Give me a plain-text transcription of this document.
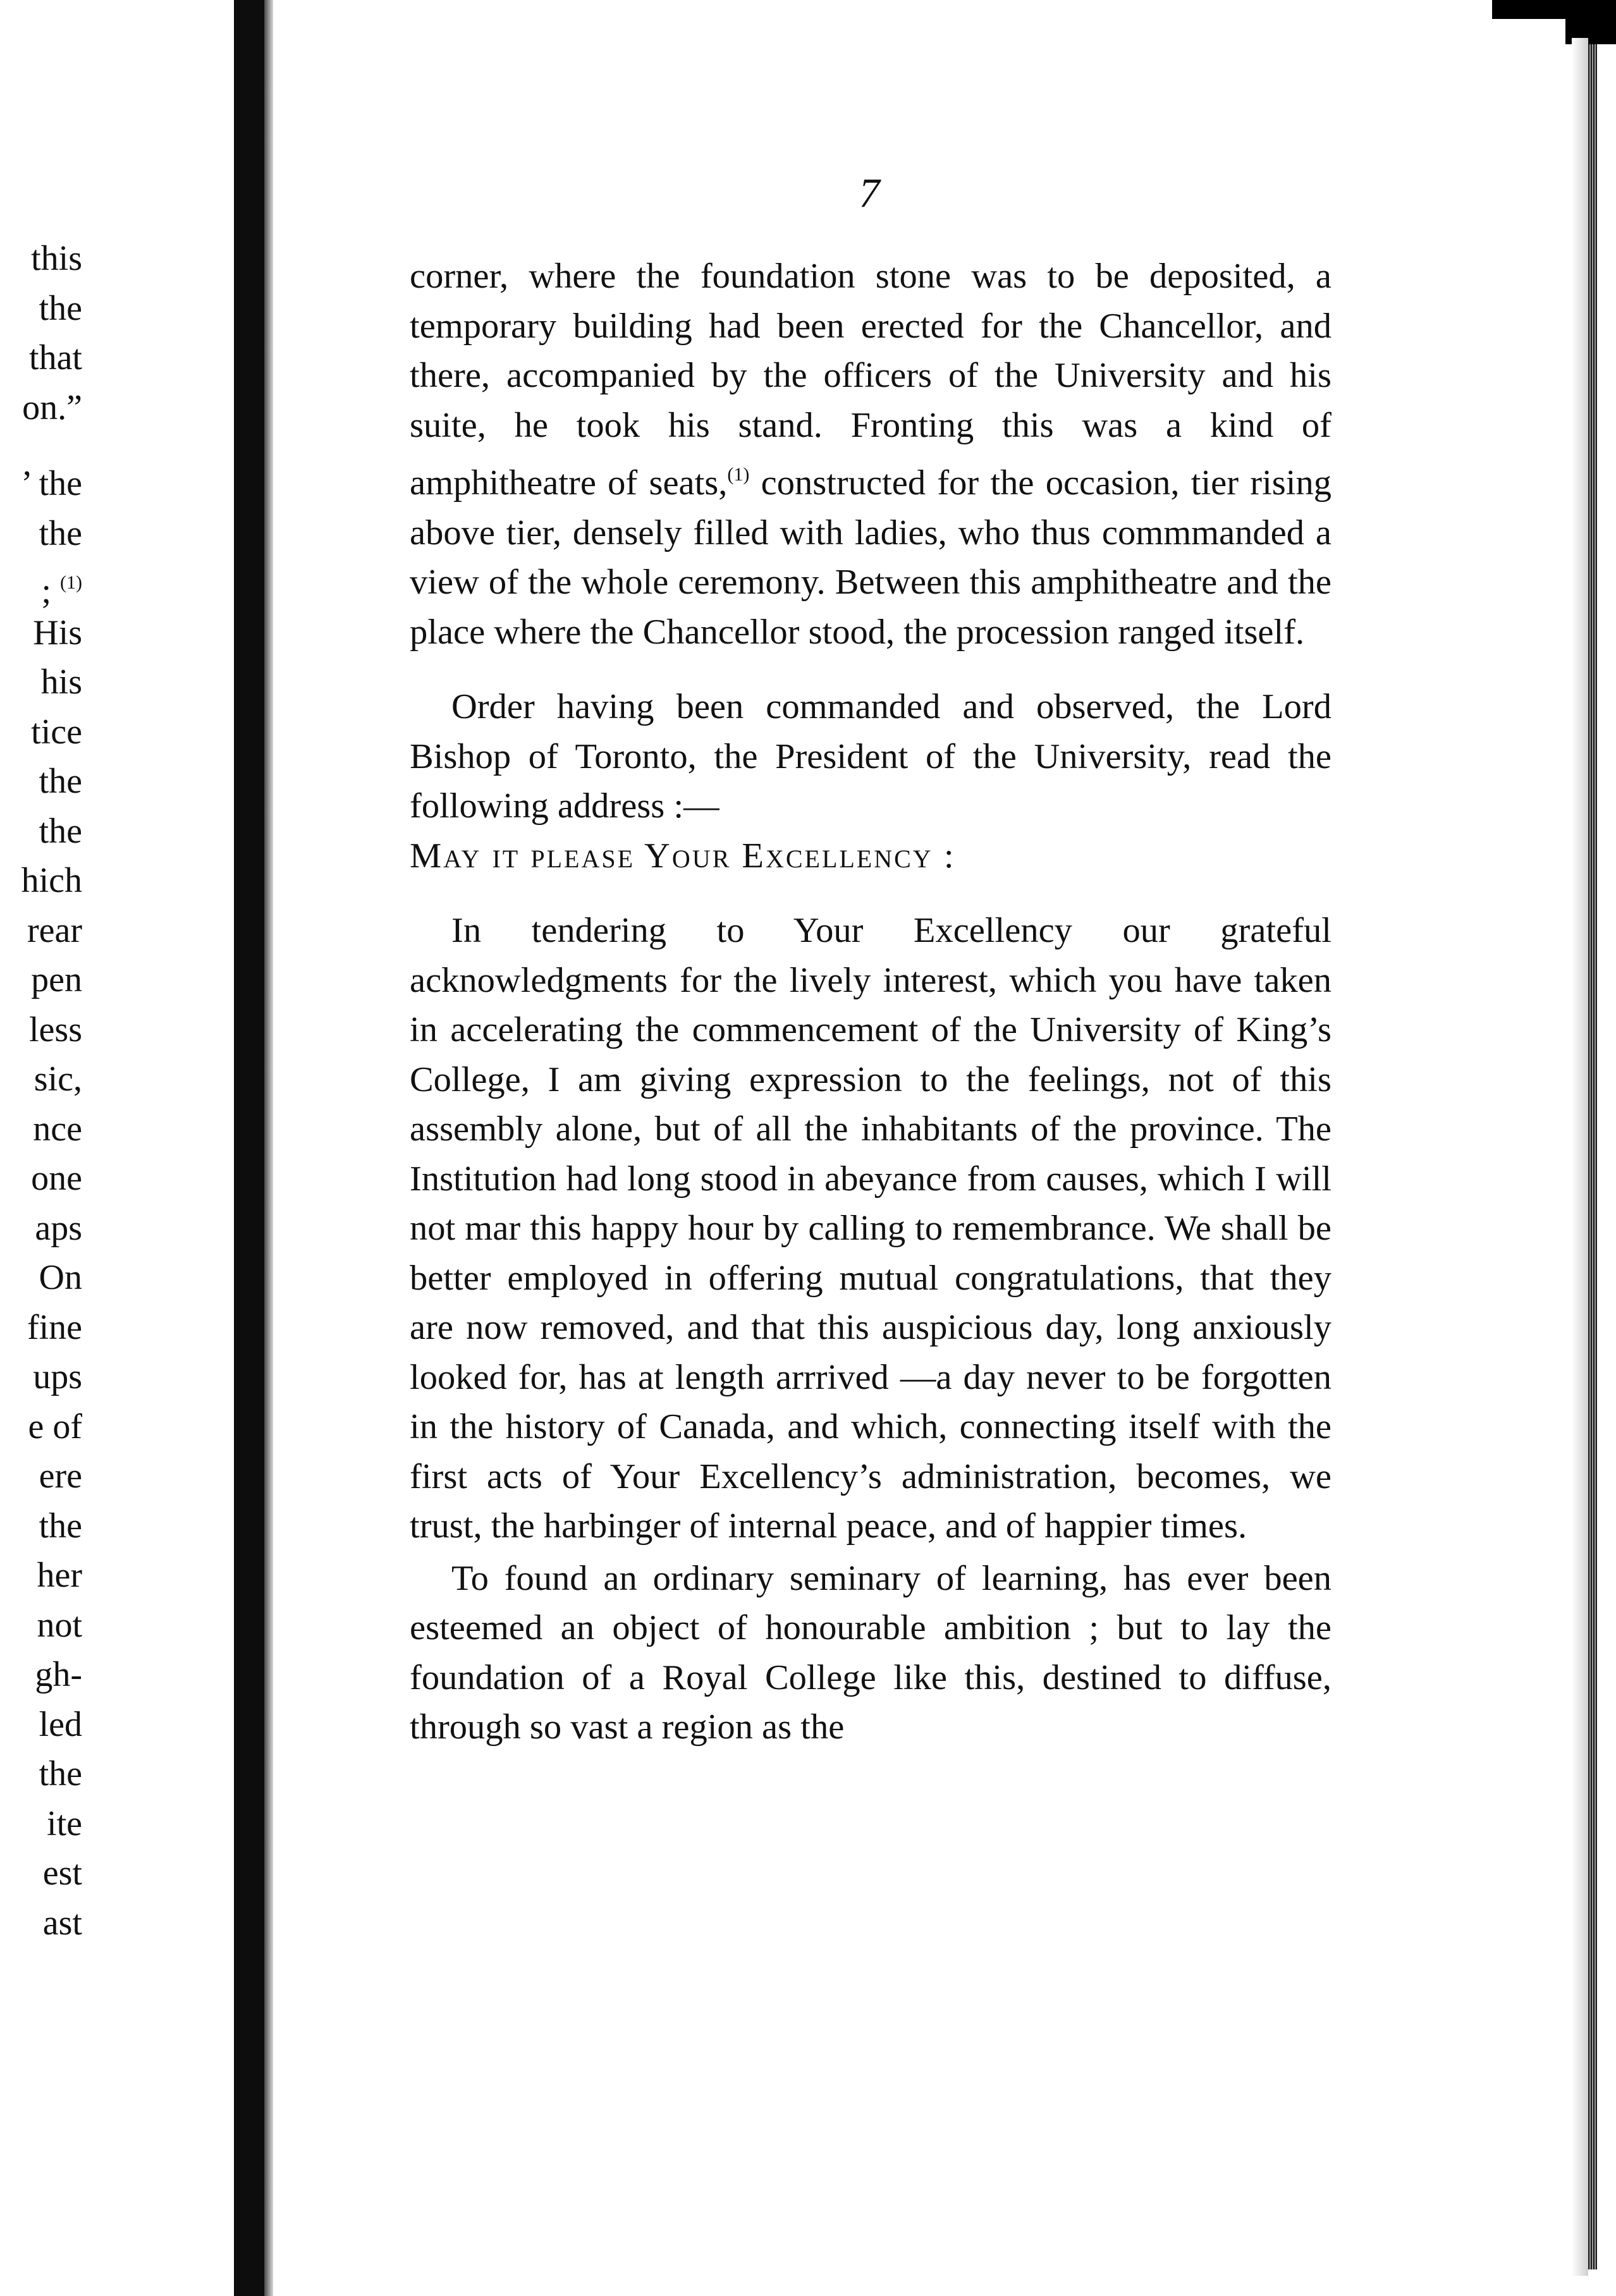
this
the
that
on.”
’ the
the
; $^{(1)}$
His
his
tice
the
the
hich
rear
pen
less
sic,
nce
one
aps
On
fine
ups
e of
ere
the
her
not
gh-
led
the
ite
est
ast
7

corner, where the foundation stone was to be deposited, a temporary building had been erected for the Chancellor, and there, accompanied by the officers of the University and his suite, he took his stand. Fronting this was a kind of amphitheatre of seats,$^{(1)}$ constructed for the occasion, tier rising above tier, densely filled with ladies, who thus commmanded a view of the whole ceremony. Between this amphitheatre and the place where the Chancellor stood, the procession ranged itself.

Order having been commanded and observed, the Lord Bishop of Toronto, the President of the University, read the following address :—

May it please Your Excellency :

In tendering to Your Excellency our grateful acknowledgments for the lively interest, which you have taken in accelerating the commencement of the University of King’s College, I am giving expression to the feelings, not of this assembly alone, but of all the inhabitants of the province. The Institution had long stood in abeyance from causes, which I will not mar this happy hour by calling to remembrance. We shall be better employed in offering mutual congratulations, that they are now removed, and that this auspicious day, long anxiously looked for, has at length arrrived —a day never to be forgotten in the history of Canada, and which, connecting itself with the first acts of Your Excellency’s administration, becomes, we trust, the harbinger of internal peace, and of happier times.

To found an ordinary seminary of learning, has ever been esteemed an object of honourable ambition ; but to lay the foundation of a Royal College like this, destined to diffuse, through so vast a region as the
